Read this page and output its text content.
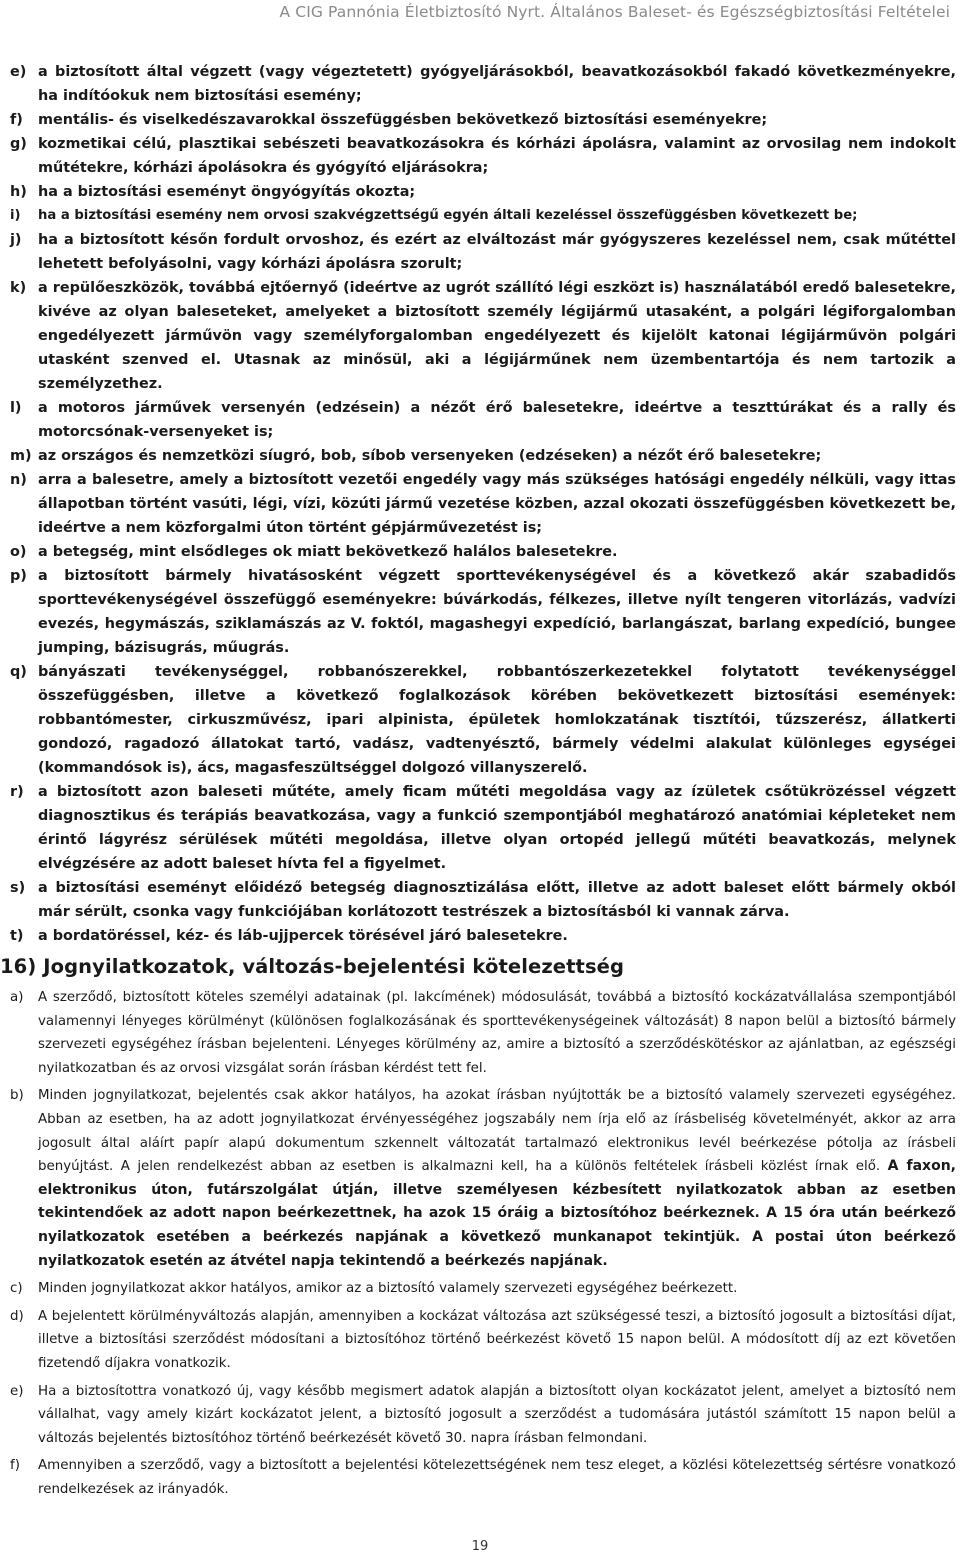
A CIG Pannónia Életbiztosító Nyrt. Általános Baleset- és Egészségbiztosítási Feltételei
e) a biztosított által végzett (vagy végeztetett) gyógyeljárásokból, beavatkozásokból fakadó következményekre, ha indítóokuk nem biztosítási esemény;
f)	mentális- és viselkedészavarokkal összefüggésben bekövetkező biztosítási eseményekre;
g) kozmetikai célú, plasztikai sebészeti beavatkozásokra és kórházi ápolásra, valamint az orvosilag nem indokolt műtétekre, kórházi ápolásokra és gyógyító eljárásokra;
h) ha a biztosítási eseményt öngyógyítás okozta;
i)	ha a biztosítási esemény nem orvosi szakvégzettségű egyén általi kezeléssel összefüggésben következett be;
j)	ha a biztosított későn fordult orvoshoz, és ezért az elváltozást már gyógyszeres kezeléssel nem, csak műtéttel lehetett befolyásolni, vagy kórházi ápolásra szorult;
k) a repülőeszközök, továbbá ejtőernyő (ideértve az ugrót szállító légi eszközt is) használatából eredő balesetekre, kivéve az olyan baleseteket, amelyeket a biztosított személy légijármű utasaként, a polgári légiforgalomban engedélyezett járművön vagy személyforgalomban engedélyezett és kijelölt katonai légijárművön polgári utasként szenved el. Utasnak az minősül, aki a légijárműnek nem üzembentartója és nem tartozik a személyzethez.
l)	a motoros járművek versenyén (edzésein) a nézőt érő balesetekre, ideértve a teszttúrákat és a rally és motorcsónak-versenyeket is;
m) az országos és nemzetközi síugró, bob, síbob versenyeken (edzéseken) a nézőt érő balesetekre;
n) arra a balesetre, amely a biztosított vezetői engedély vagy más szükséges hatósági engedély nélküli, vagy ittas állapotban történt vasúti, légi, vízi, közúti jármű vezetése közben, azzal okozati összefüggésben következett be, ideértve a nem közforgalmi úton történt gépjárművezetést is;
o) a betegség, mint elsődleges ok miatt bekövetkező halálos balesetekre.
p) a biztosított bármely hivatásosként végzett sporttevékenységével és a következő akár szabadidős sporttevékenységével összefüggő eseményekre: búvárkodás, félkezes, illetve nyílt tengeren vitorlázás, vadvízi evezés, hegymászás, sziklamászás az V. foktól, magashegyi expedíció, barlangászat, barlang expedíció, bungee jumping, bázisugrás, műugrás.
q) bányászati tevékenységgel, robbanószerekkel, robbantószerkezetekkel folytatott tevékenységgel összefüggésben, illetve a következő foglalkozások körében bekövetkezett biztosítási események: robbantómester, cirkuszművész, ipari alpinista, épületek homlokzatának tisztítói, tűzszerész, állatkerti gondozó, ragadozó állatokat tartó, vadász, vadtenyésztő, bármely védelmi alakulat különleges egységei (kommandósok is), ács, magasfeszültséggel dolgozó villanyszerelő.
r) a biztosított azon baleseti műtéte, amely ficam műtéti megoldása vagy az ízületek csőtükrözéssel végzett diagnosztikus és terápiás beavatkozása, vagy a funkció szempontjából meghatározó anatómiai képleteket nem érintő lágyrész sérülések műtéti megoldása, illetve olyan ortopéd jellegű műtéti beavatkozás, melynek elvégzésére az adott baleset hívta fel a figyelmet.
s) a biztosítási eseményt előidéző betegség diagnosztizálása előtt, illetve az adott baleset előtt bármely okból már sérült, csonka vagy funkciójában korlátozott testrészek a biztosításból ki vannak zárva.
t)	a bordatöréssel, kéz- és láb-ujjpercek törésével járó balesetekre.
16) Jognyilatkozatok, változás-bejelentési kötelezettség
a)	A szerződő, biztosított köteles személyi adatainak (pl. lakcímének) módosulását, továbbá a biztosító kockázatvállalása szempontjából valamennyi lényeges körülményt (különösen foglalkozásának és sporttevékenységeinek változását) 8 napon belül a biztosító bármely szervezeti egységéhez írásban bejelenteni. Lényeges körülmény az, amire a biztosító a szerződéskötéskor az ajánlatban, az egészségi nyilatkozatban és az orvosi vizsgálat során írásban kérdést tett fel.
b)	Minden jognyilatkozat, bejelentés csak akkor hatályos, ha azokat írásban nyújtották be a biztosító valamely szervezeti egységéhez. Abban az esetben, ha az adott jognyilatkozat érvényességéhez jogszabály nem írja elő az írásbeliség követelményét, akkor az arra jogosult által aláírt papír alapú dokumentum szkennelt változatát tartalmazó elektronikus levél beérkezése pótolja az írásbeli benyújtást. A jelen rendelkezést abban az esetben is alkalmazni kell, ha a különös feltételek írásbeli közlést írnak elő. A faxon, elektronikus úton, futárszolgálat útján, illetve személyesen kézbesített nyilatkozatok abban az esetben tekintendőek az adott napon beérkezettnek, ha azok 15 óráig a biztosítóhoz beérkeznek. A 15 óra után beérkező nyilatkozatok esetében a beérkezés napjának a következő munkanapot tekintjük. A postai úton beérkező nyilatkozatok esetén az átvétel napja tekintendő a beérkezés napjának.
c)	Minden jognyilatkozat akkor hatályos, amikor az a biztosító valamely szervezeti egységéhez beérkezett.
d)	A bejelentett körülményváltozás alapján, amennyiben a kockázat változása azt szükségessé teszi, a biztosító jogosult a biztosítási díjat, illetve a biztosítási szerződést módosítani a biztosítóhoz történő beérkezést követő 15 napon belül. A módosított díj az ezt követően fizetendő díjakra vonatkozik.
e)	Ha a biztosítottra vonatkozó új, vagy később megismert adatok alapján a biztosított olyan kockázatot jelent, amelyet a biztosító nem vállalhat, vagy amely kizárt kockázatot jelent, a biztosító jogosult a szerződést a tudomására jutástól számított 15 napon belül a változás bejelentés biztosítóhoz történő beérkezését követő 30. napra írásban felmondani.
f)	Amennyiben a szerződő, vagy a biztosított a bejelentési kötelezettségének nem tesz eleget, a közlési kötelezettség sértésre vonatkozó rendelkezések az irányadók.
19
